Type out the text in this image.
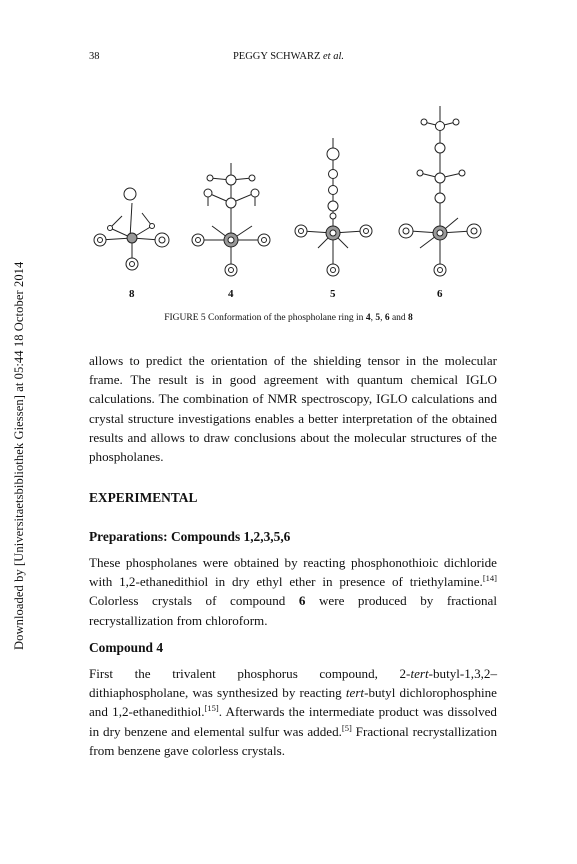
Downloaded by [Universitaetsbibliothek Giessen] at 05:44 18 October 2014
38	PEGGY SCHWARZ et al.
8	4	5	6
FIGURE 5 Conformation of the phospholane ring in 4, 5, 6 and 8

allows to predict the orientation of the shielding tensor in the molecular frame. The result is in good agreement with quantum chemical IGLO calculations. The combination of NMR spectroscopy, IGLO calculations and crystal structure investigations enables a better interpretation of the obtained results and allows to draw conclusions about the molecular structures of the phospholanes.

EXPERIMENTAL
Preparations: Compounds 1,2,3,5,6

These phospholanes were obtained by reacting phosphonothioic dichloride with 1,2-ethanedithiol in dry ethyl ether in presence of triethylamine.[14] Colorless crystals of compound 6 were produced by fractional recrystallization from chloroform.

Compound 4

First the trivalent phosphorus compound, 2-tert-butyl-1,3,2–dithiaphospholane, was synthesized by reacting tert-butyl dichlorophosphine and 1,2-ethanedithiol.[15]. Afterwards the intermediate product was dissolved in dry benzene and elemental sulfur was added.[5] Fractional recrystallization from benzene gave colorless crystals.
